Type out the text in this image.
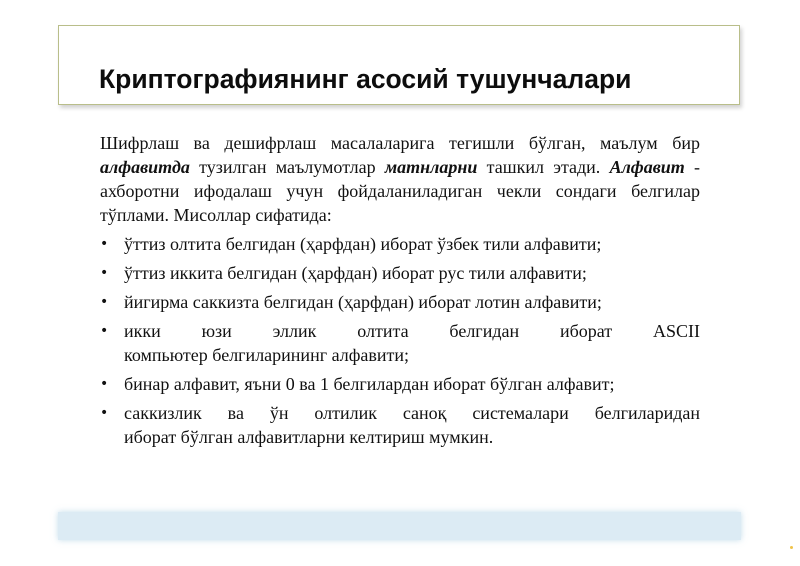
Криптографиянинг асосий тушунчалари

Шифрлаш ва дешифрлаш масалаларига тегишли бўлган, маълум бир алфавитда тузилган маълумотлар матнларни ташкил этади. Алфавит - ахборотни ифодалаш учун фойдаланиладиган чекли сондаги белгилар тўплами. Мисоллар сифатида:

• ўттиз олтита белгидан (ҳарфдан) иборат ўзбек тили алфавити;
• ўттиз иккита белгидан (ҳарфдан) иборат рус тили алфавити;
• йигирма саккизта белгидан (ҳарфдан) иборат лотин алфавити;
• икки юзи эллик олтита белгидан иборат ASCII
компьютер белгиларининг алфавити;
• бинар алфавит, яъни 0 ва 1 белгилардан иборат бўлган алфавит;
• саккизлик ва ўн олтилик саноқ системалари белгиларидан
иборат бўлган алфавитларни келтириш мумкин.
